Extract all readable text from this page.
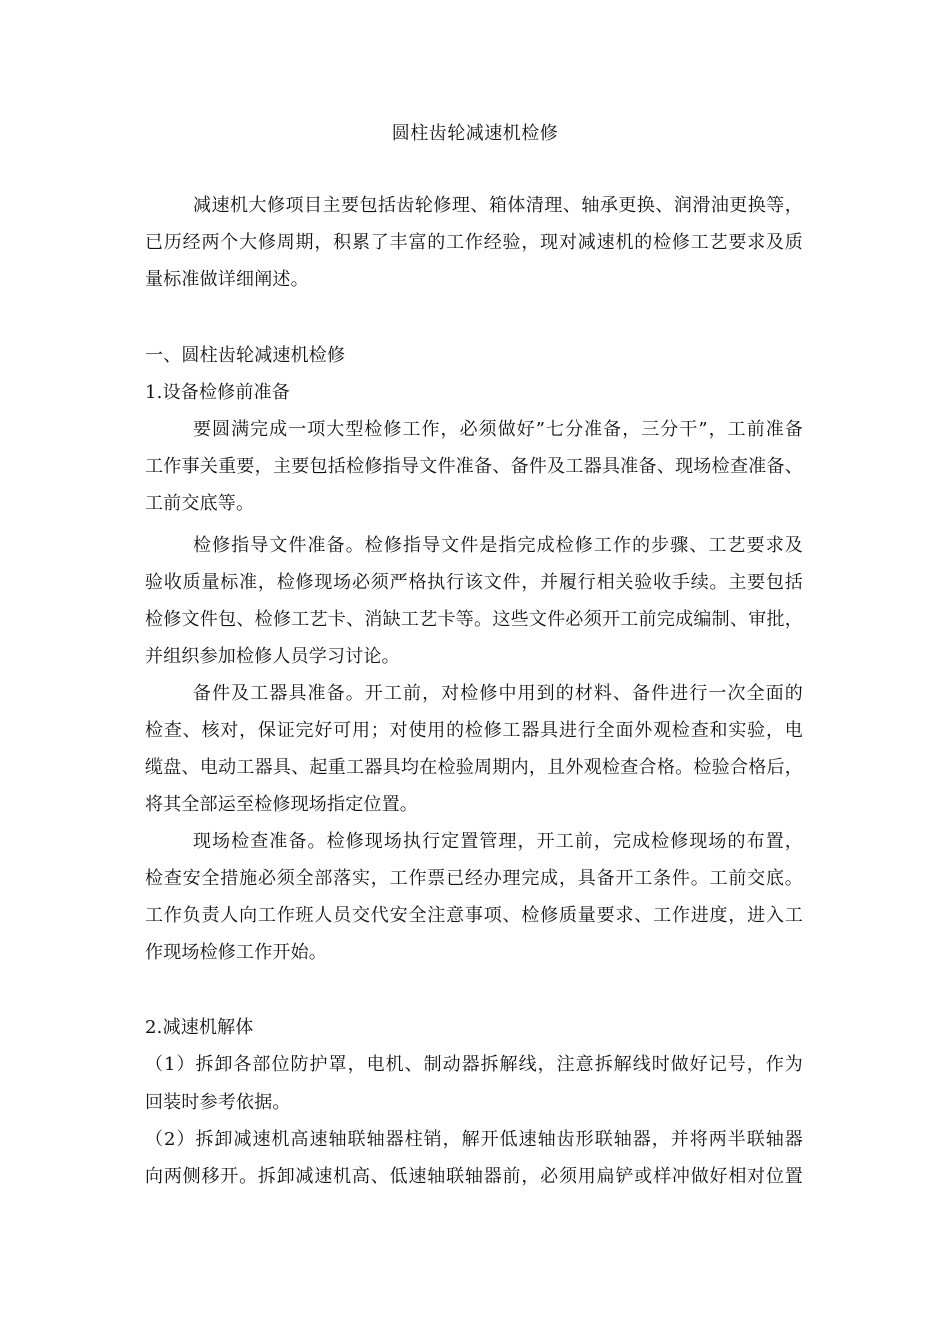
圆柱齿轮减速机检修
减速机大修项目主要包括齿轮修理、箱体清理、轴承更换、润滑油更换等，
已历经两个大修周期，积累了丰富的工作经验，现对减速机的检修工艺要求及质
量标准做详细阐述。
一、圆柱齿轮减速机检修
1.设备检修前准备
要圆满完成一项大型检修工作，必须做好”七分准备，三分干”，工前准备
工作事关重要，主要包括检修指导文件准备、备件及工器具准备、现场检查准备、
工前交底等。
检修指导文件准备。检修指导文件是指完成检修工作的步骤、工艺要求及
验收质量标准，检修现场必须严格执行该文件，并履行相关验收手续。主要包括
检修文件包、检修工艺卡、消缺工艺卡等。这些文件必须开工前完成编制、审批，
并组织参加检修人员学习讨论。
备件及工器具准备。开工前，对检修中用到的材料、备件进行一次全面的
检查、核对，保证完好可用；对使用的检修工器具进行全面外观检查和实验，电
缆盘、电动工器具、起重工器具均在检验周期内，且外观检查合格。检验合格后，
将其全部运至检修现场指定位置。
现场检查准备。检修现场执行定置管理，开工前，完成检修现场的布置，
检查安全措施必须全部落实，工作票已经办理完成，具备开工条件。工前交底。
工作负责人向工作班人员交代安全注意事项、检修质量要求、工作进度，进入工
作现场检修工作开始。
2.减速机解体
（1）拆卸各部位防护罩，电机、制动器拆解线，注意拆解线时做好记号，作为
回装时参考依据。
（2）拆卸减速机高速轴联轴器柱销，解开低速轴齿形联轴器，并将两半联轴器
向两侧移开。拆卸减速机高、低速轴联轴器前，必须用扁铲或样冲做好相对位置
